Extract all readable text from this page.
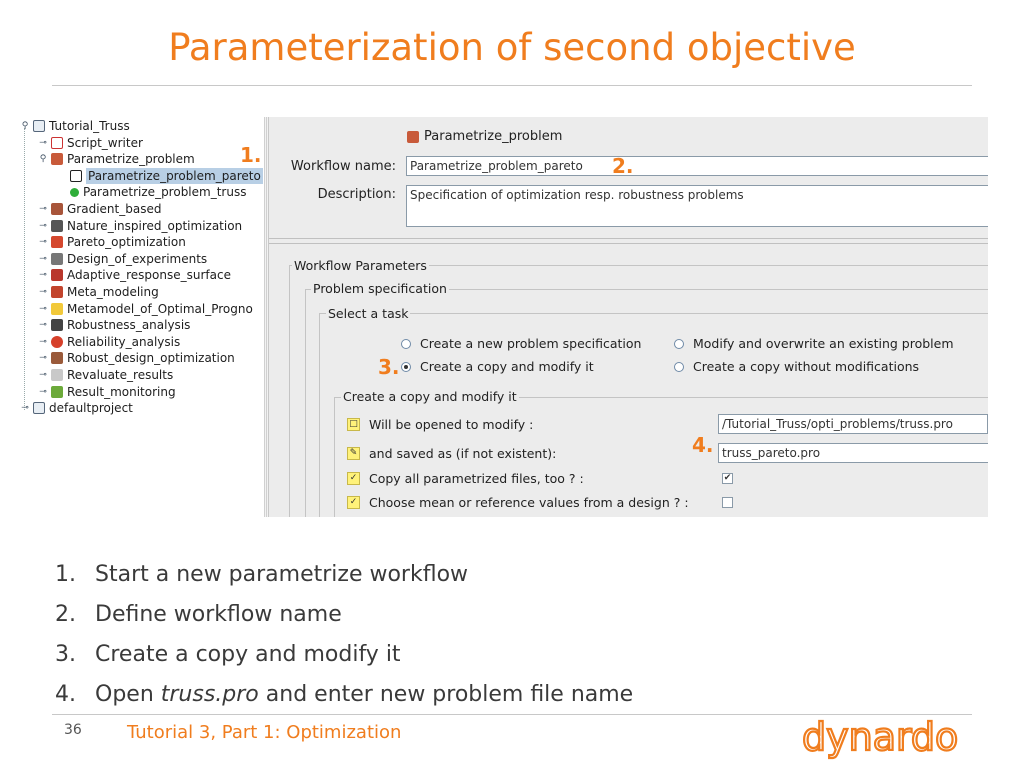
Parameterization of second objective
⚲ Tutorial_Truss
⊸ Script_writer
⚲ Parametrize_problem
Parametrize_problem_pareto
Parametrize_problem_truss
⊸ Gradient_based
⊸ Nature_inspired_optimization
⊸ Pareto_optimization
⊸ Design_of_experiments
⊸ Adaptive_response_surface
⊸ Meta_modeling
⊸ Metamodel_of_Optimal_Progno
⊸ Robustness_analysis
⊸ Reliability_analysis
⊸ Robust_design_optimization
⊸ Revaluate_results
⊸ Result_monitoring
⊸ defaultproject
Parametrize_problem
Workflow name:	Parametrize_problem_pareto
Description:	Specification of optimization resp. robustness problems
Workflow Parameters
Problem specification
Select a task
Create a new problem specification	Modify and overwrite an existing problem
Create a copy and modify it	Create a copy without modifications
Create a copy and modify it
□ Will be opened to modify :	/Tutorial_Truss/opti_problems/truss.pro
✎ and saved as (if not existent):	truss_pareto.pro
✓ Copy all parametrized files, too ? :	✔
✓ Choose mean or reference values from a design ? :
1.	2.
3.
4.
1. Start a new parametrize workflow
2. Define workflow name
3. Create a copy and modify it
4. Open truss.pro and enter new problem file name
36	Tutorial 3, Part 1: Optimization	dynardo
